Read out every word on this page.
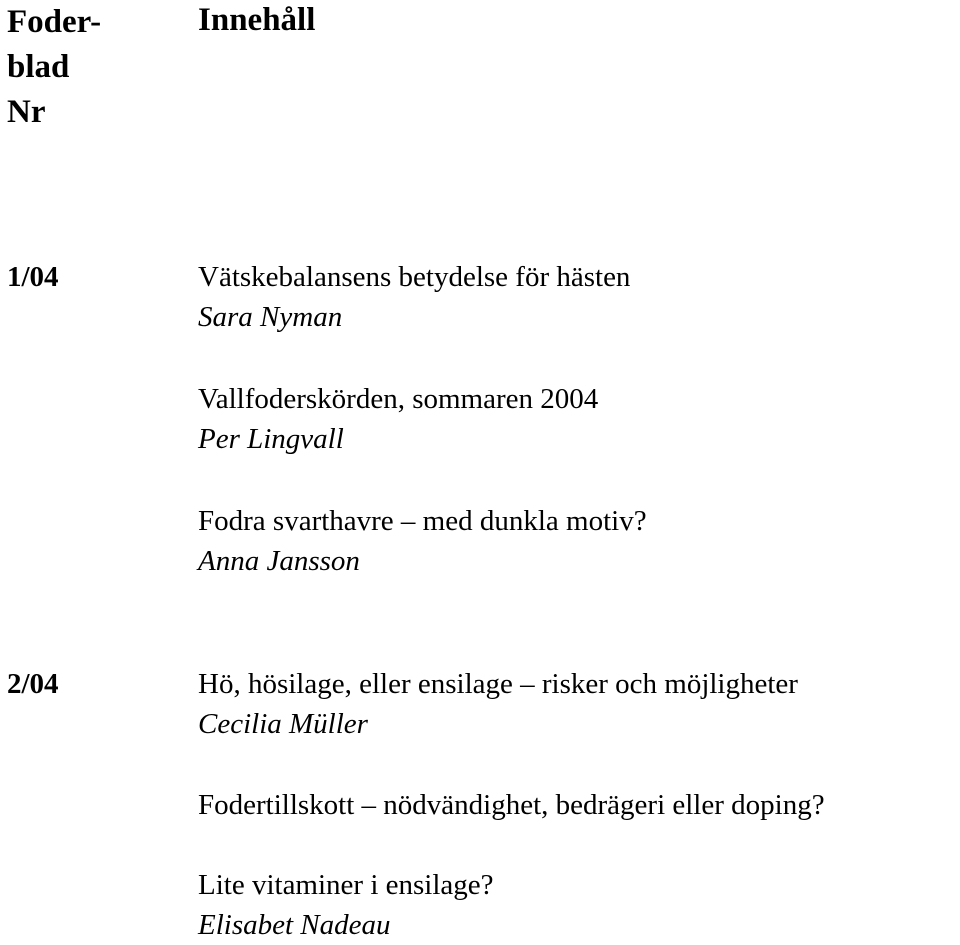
Foder-
blad
Nr
Innehåll
1/04	Vätskebalansens betydelse för hästen
Sara Nyman
Vallfoderskörden, sommaren 2004
Per Lingvall
Fodra svarthavre – med dunkla motiv?
Anna Jansson
2/04	Hö, hösilage, eller ensilage – risker och möjligheter
Cecilia Müller
Fodertillskott – nödvändighet, bedrägeri eller doping?
Lite vitaminer i ensilage?
Elisabet Nadeau
